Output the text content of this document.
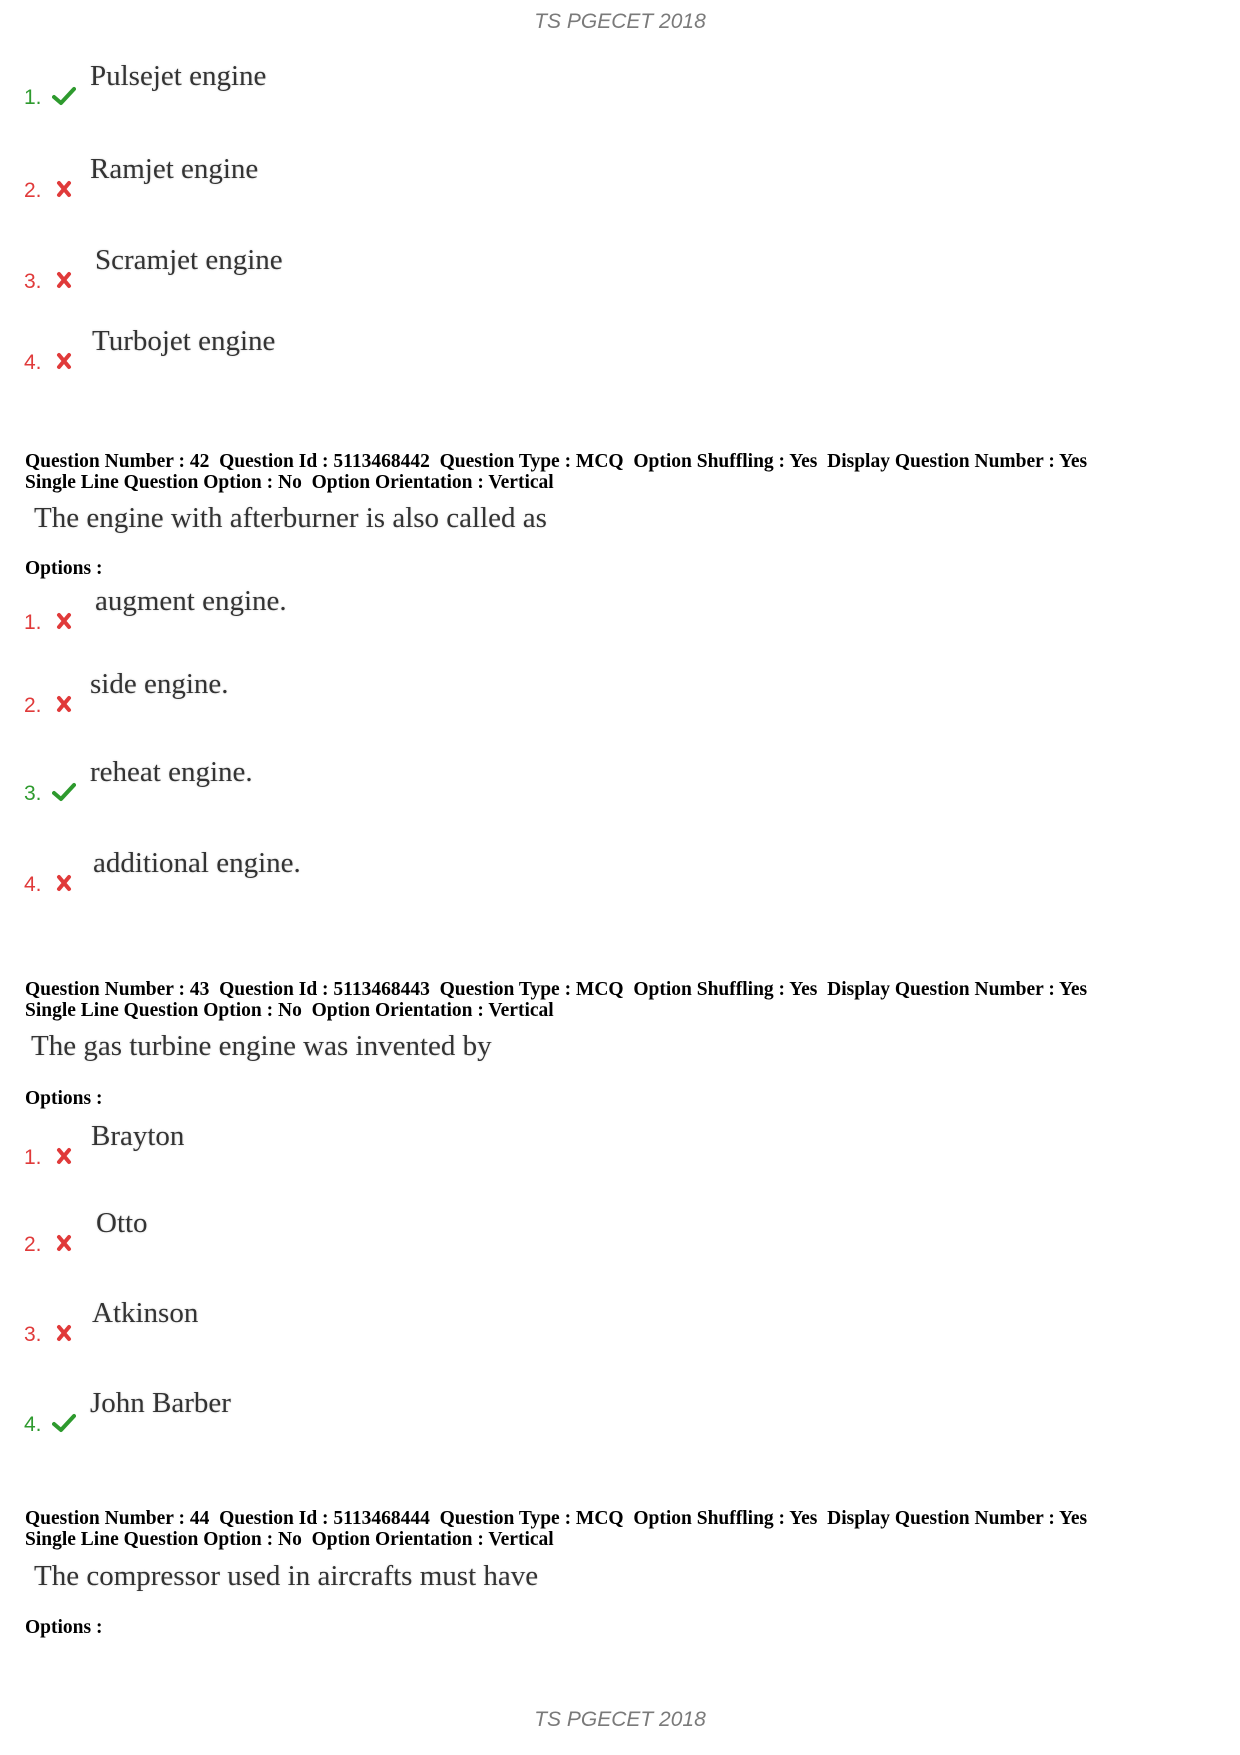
TS PGECET 2018
1.
Pulsejet engine
2.
Ramjet engine
3.
Scramjet engine
4.
Turbojet engine
Question Number : 42  Question Id : 5113468442  Question Type : MCQ  Option Shuffling : Yes  Display Question Number : Yes
Single Line Question Option : No  Option Orientation : Vertical
The engine with afterburner is also called as
Options :
1.
augment engine.
2.
side engine.
3.
reheat engine.
4.
additional engine.
Question Number : 43  Question Id : 5113468443  Question Type : MCQ  Option Shuffling : Yes  Display Question Number : Yes
Single Line Question Option : No  Option Orientation : Vertical
The gas turbine engine was invented by
Options :
1.
Brayton
2.
Otto
3.
Atkinson
4.
John Barber
Question Number : 44  Question Id : 5113468444  Question Type : MCQ  Option Shuffling : Yes  Display Question Number : Yes
Single Line Question Option : No  Option Orientation : Vertical
The compressor used in aircrafts must have
Options :
TS PGECET 2018
